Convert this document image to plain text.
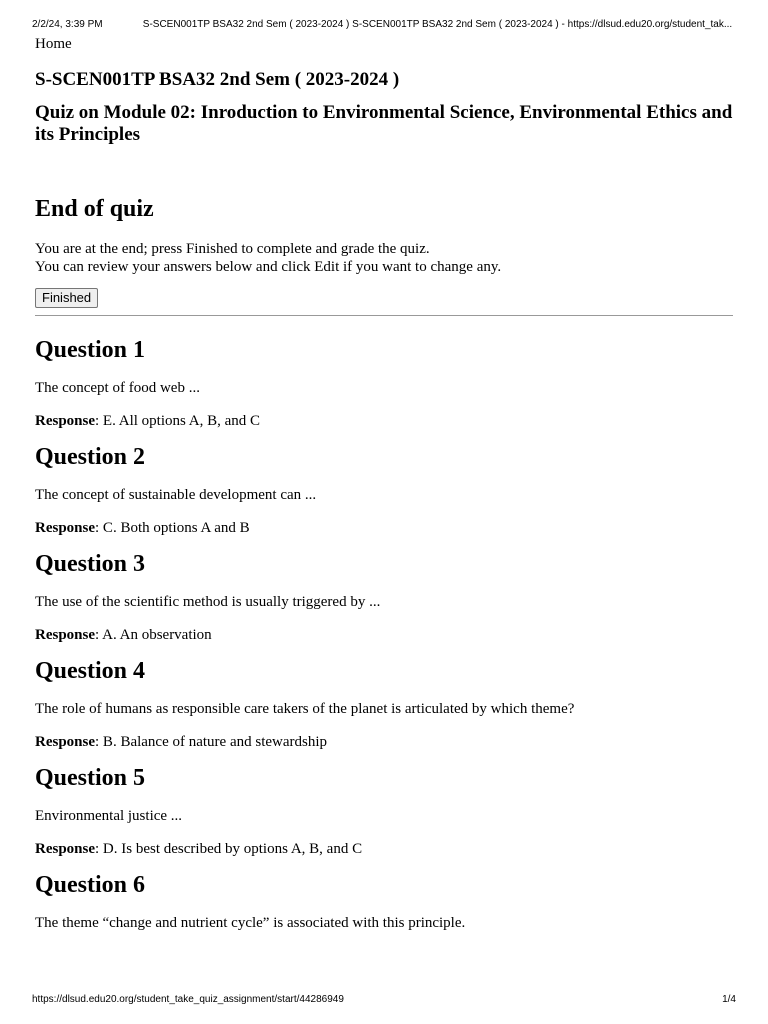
2/2/24, 3:39 PM	S-SCEN001TP BSA32 2nd Sem ( 2023-2024 ) S-SCEN001TP BSA32 2nd Sem ( 2023-2024 ) - https://dlsud.edu20.org/student_tak...
Home
S-SCEN001TP BSA32 2nd Sem ( 2023-2024 )
Quiz on Module 02: Inroduction to Environmental Science, Environmental Ethics and its Principles
End of quiz

You are at the end; press Finished to complete and grade the quiz.
You can review your answers below and click Edit if you want to change any.

Finished
Question 1

The concept of food web ...

Response: E. All options A, B, and C

Question 2

The concept of sustainable development can ...

Response: C. Both options A and B

Question 3

The use of the scientific method is usually triggered by ...

Response: A. An observation

Question 4

The role of humans as responsible care takers of the planet is articulated by which theme?

Response: B. Balance of nature and stewardship

Question 5

Environmental justice ...

Response: D. Is best described by options A, B, and C

Question 6

The theme “change and nutrient cycle” is associated with this principle.

https://dlsud.edu20.org/student_take_quiz_assignment/start/44286949	1/4
